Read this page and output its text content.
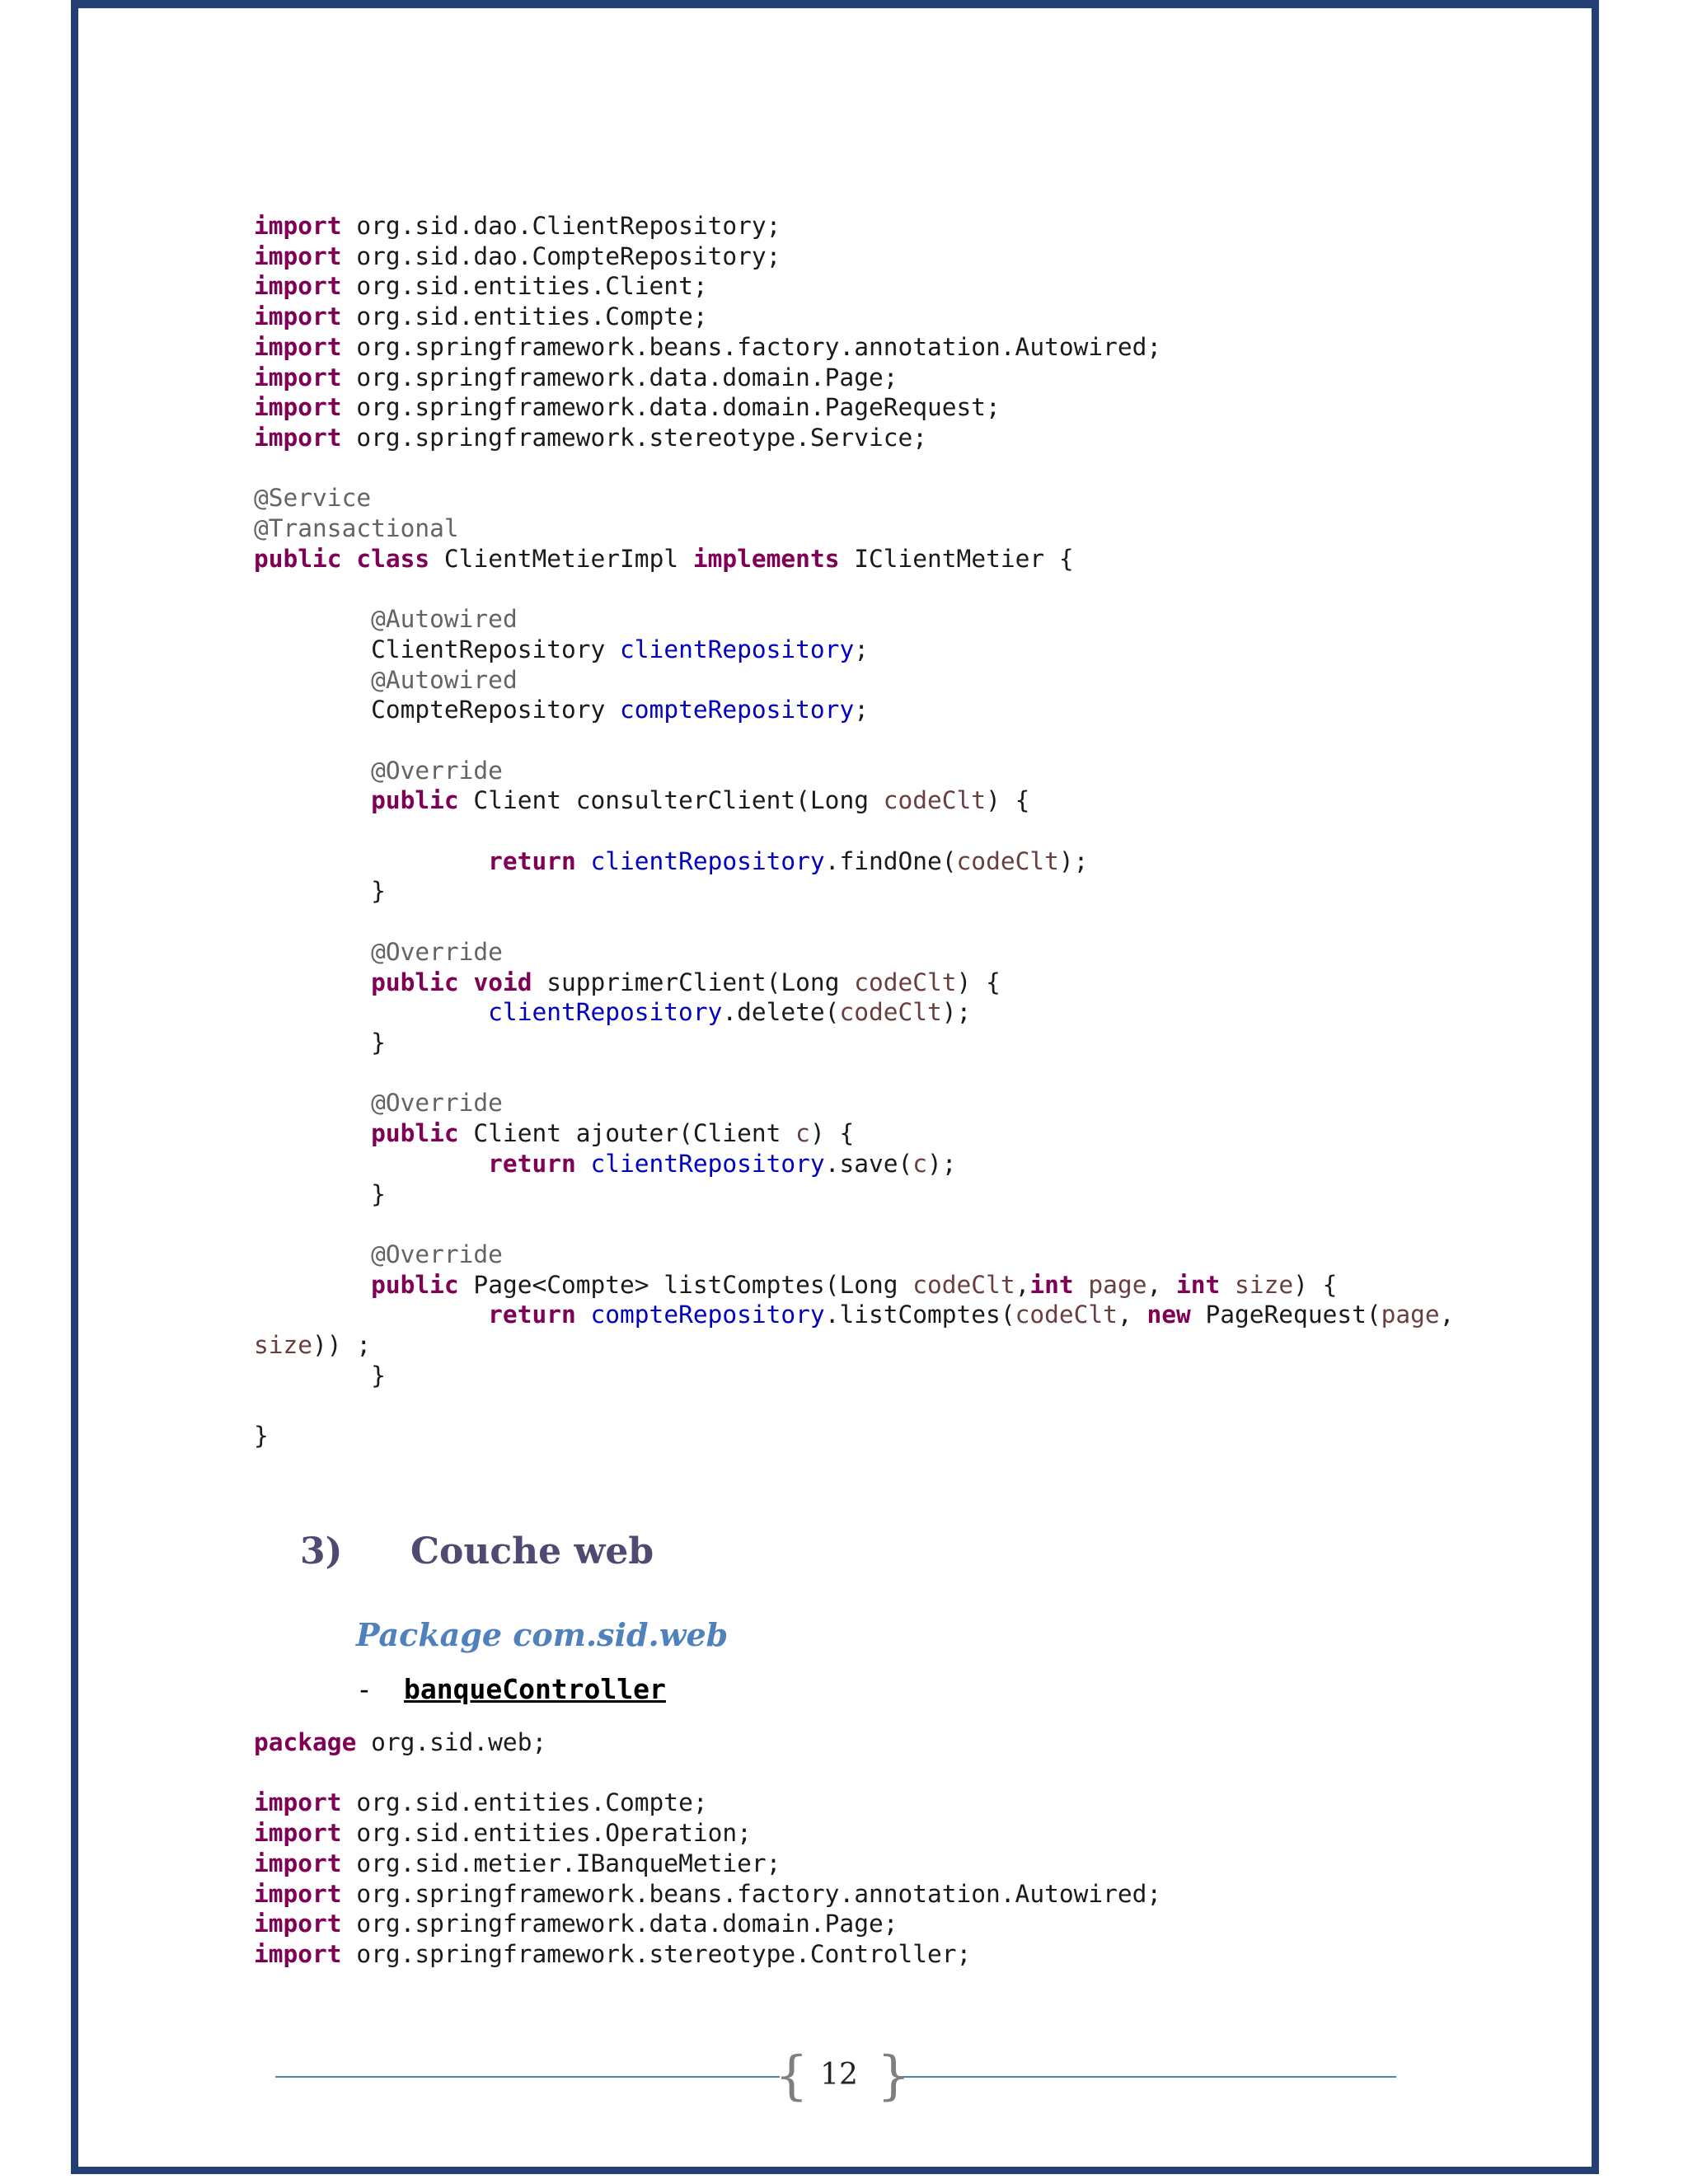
import org.sid.dao.ClientRepository;
import org.sid.dao.CompteRepository;
import org.sid.entities.Client;
import org.sid.entities.Compte;
import org.springframework.beans.factory.annotation.Autowired;
import org.springframework.data.domain.Page;
import org.springframework.data.domain.PageRequest;
import org.springframework.stereotype.Service;

@Service
@Transactional
public class ClientMetierImpl implements IClientMetier {

@Autowired
ClientRepository clientRepository;
@Autowired
CompteRepository compteRepository;

@Override
public Client consulterClient(Long codeClt) {

return clientRepository.findOne(codeClt);
}

@Override
public void supprimerClient(Long codeClt) {
clientRepository.delete(codeClt);
}

@Override
public Client ajouter(Client c) {
return clientRepository.save(c);
}

@Override
public Page<Compte> listComptes(Long codeClt,int page, int size) {
return compteRepository.listComptes(codeClt, new PageRequest(page,
size)) ;
}

}
3) Couche web
Package com.sid.web
- banqueController
package org.sid.web;

import org.sid.entities.Compte;
import org.sid.entities.Operation;
import org.sid.metier.IBanqueMetier;
import org.springframework.beans.factory.annotation.Autowired;
import org.springframework.data.domain.Page;
import org.springframework.stereotype.Controller;
{ 12 }
